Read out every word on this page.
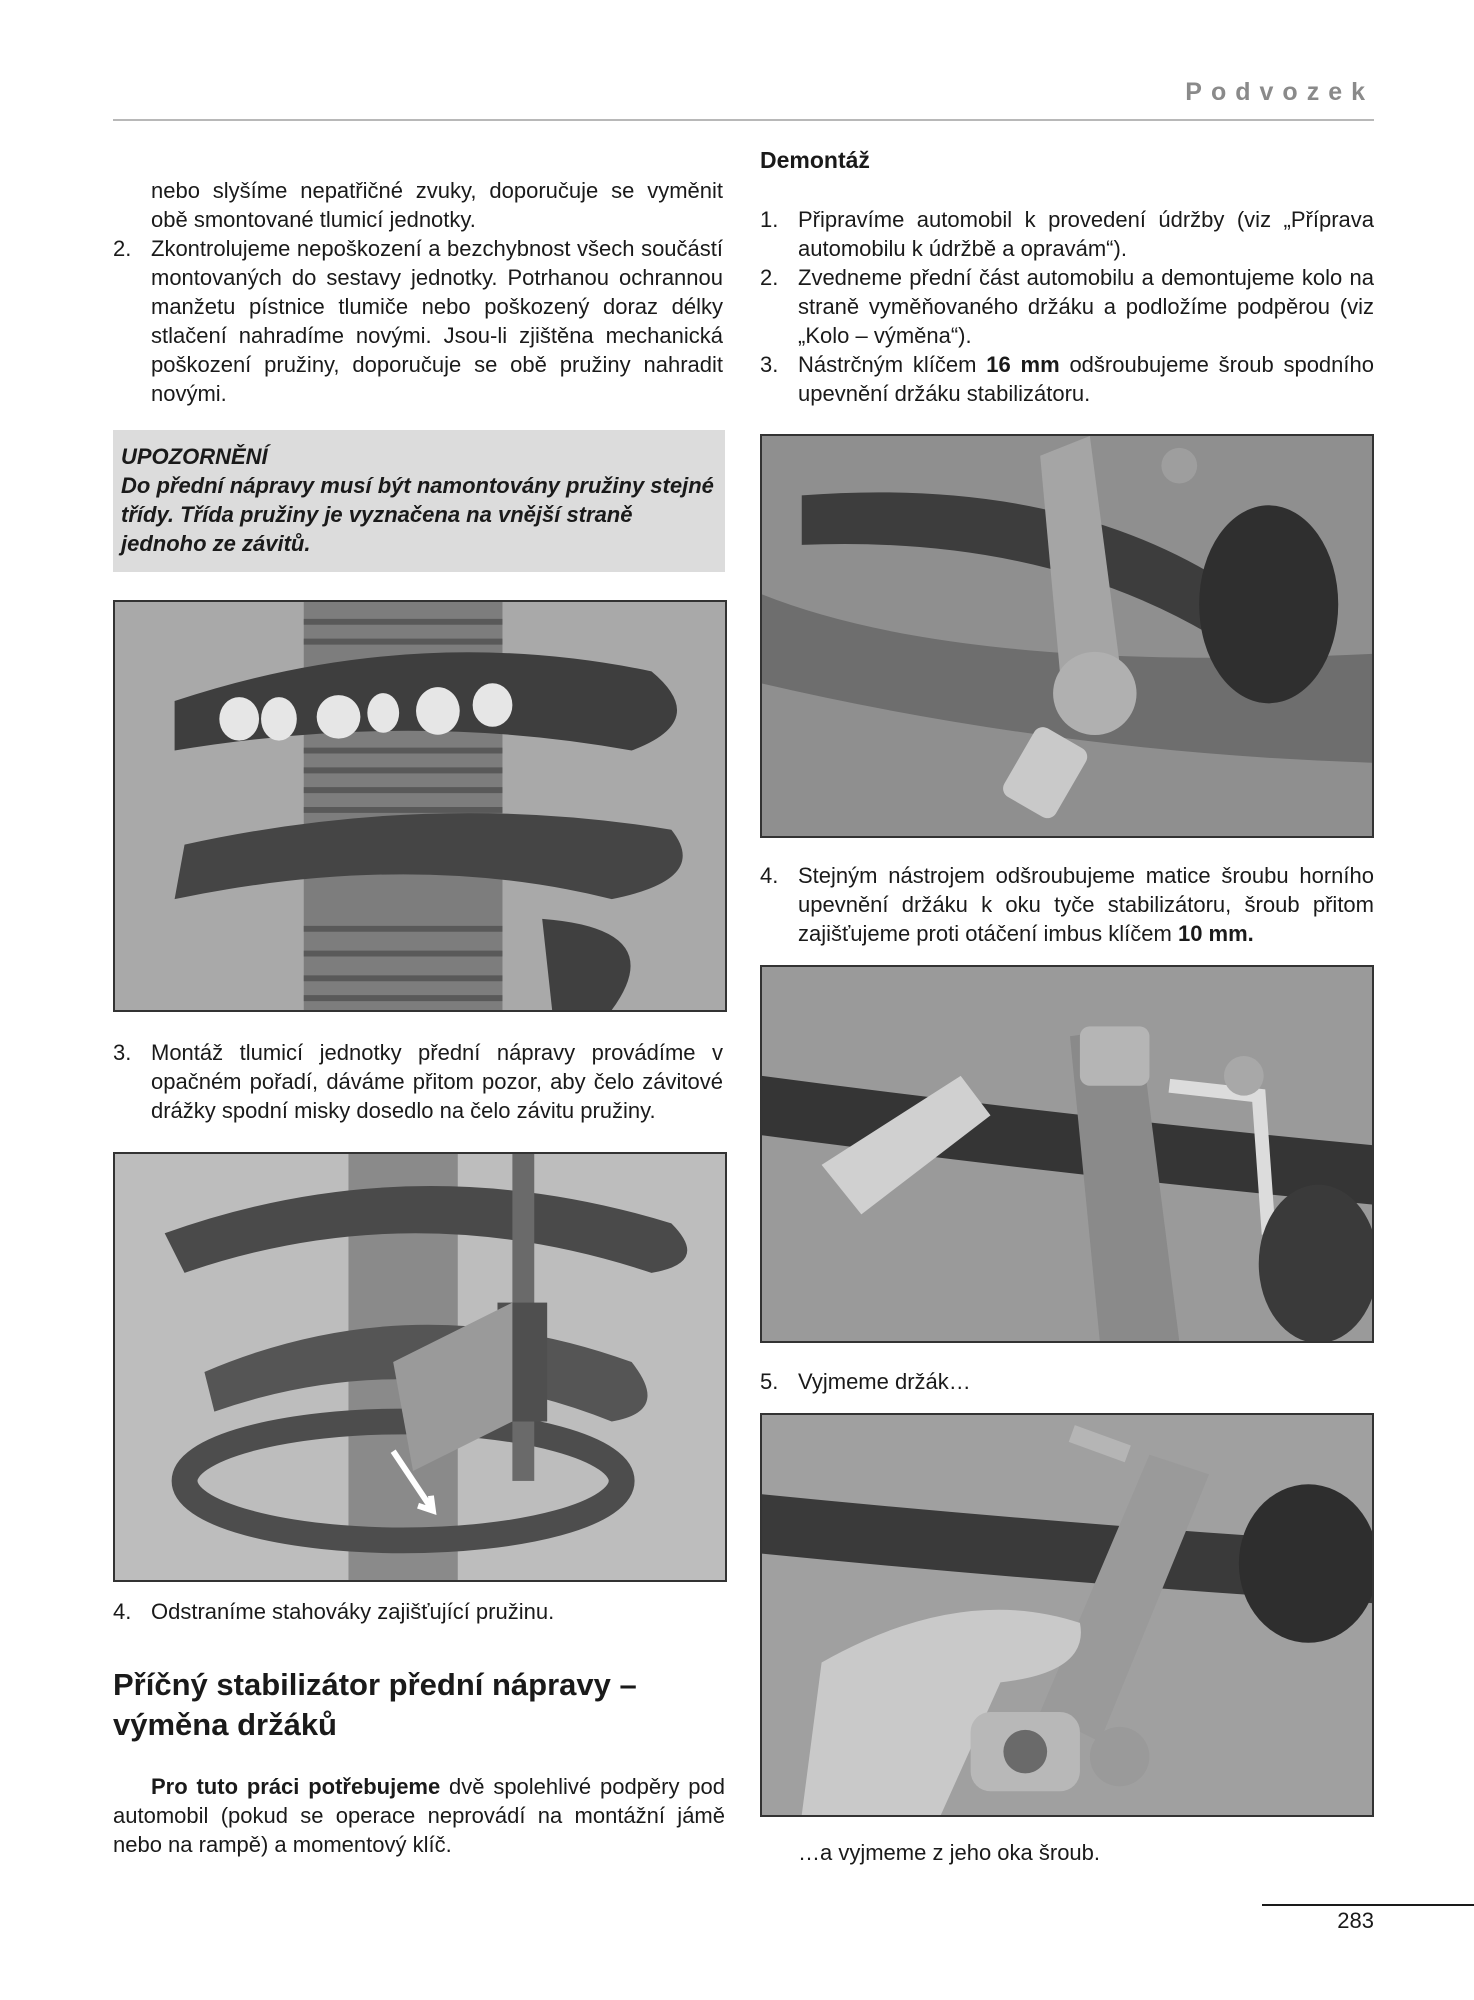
Podvozek

nebo slyšíme nepatřičné zvuky, doporučuje se vyměnit obě smontované tlumicí jednotky.

2. Zkontrolujeme nepoškození a bezchybnost všech součástí montovaných do sestavy jednotky. Potrhanou ochrannou manžetu pístnice tlumiče nebo poškozený doraz délky stlačení nahradíme novými. Jsou-li zjištěna mechanická poškození pružiny, doporučuje se obě pružiny nahradit novými.
UPOZORNĚNÍ
Do přední nápravy musí být namontovány pružiny stejné třídy. Třída pružiny je vyznačena na vnější straně jednoho ze závitů.
3. Montáž tlumicí jednotky přední nápravy provádíme v opačném pořadí, dáváme přitom pozor, aby čelo závitové drážky spodní misky dosedlo na čelo závitu pružiny.
4. Odstraníme stahováky zajišťující pružinu.
Příčný stabilizátor přední nápravy – výměna držáků
Pro tuto práci potřebujeme dvě spolehlivé podpěry pod automobil (pokud se operace neprovádí na montážní jámě nebo na rampě) a momentový klíč.
Demontáž
1. Připravíme automobil k provedení údržby (viz „Příprava automobilu k údržbě a opravám“).
2. Zvedneme přední část automobilu a demontujeme kolo na straně vyměňovaného držáku a podložíme podpěrou (viz „Kolo – výměna“).
3. Nástrčným klíčem 16 mm odšroubujeme šroub spodního upevnění držáku stabilizátoru.
4. Stejným nástrojem odšroubujeme matice šroubu horního upevnění držáku k oku tyče stabilizátoru, šroub přitom zajišťujeme proti otáčení imbus klíčem 10 mm.
5. Vyjmeme držák…
…a vyjmeme z jeho oka šroub.
283
